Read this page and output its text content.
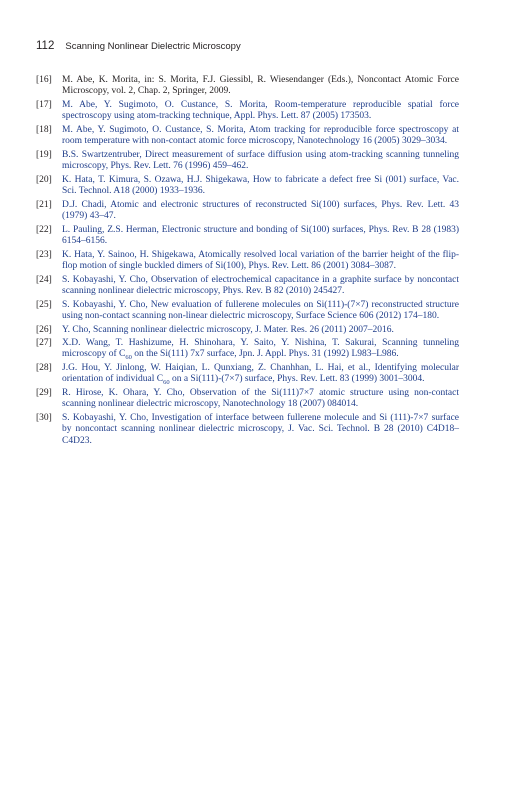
112 Scanning Nonlinear Dielectric Microscopy
[16]	M. Abe, K. Morita, in: S. Morita, F.J. Giessibl, R. Wiesendanger (Eds.), Noncontact Atomic Force Microscopy, vol. 2, Chap. 2, Springer, 2009.
[17]	M. Abe, Y. Sugimoto, O. Custance, S. Morita, Room-temperature reproducible spatial force spectroscopy using atom-tracking technique, Appl. Phys. Lett. 87 (2005) 173503.
[18]	M. Abe, Y. Sugimoto, O. Custance, S. Morita, Atom tracking for reproducible force spectroscopy at room temperature with non-contact atomic force microscopy, Nanotechnology 16 (2005) 3029–3034.
[19]	B.S. Swartzentruber, Direct measurement of surface diffusion using atom-tracking scanning tunneling microscopy, Phys. Rev. Lett. 76 (1996) 459–462.
[20]	K. Hata, T. Kimura, S. Ozawa, H.J. Shigekawa, How to fabricate a defect free Si (001) surface, Vac. Sci. Technol. A18 (2000) 1933–1936.
[21]	D.J. Chadi, Atomic and electronic structures of reconstructed Si(100) surfaces, Phys. Rev. Lett. 43 (1979) 43–47.
[22]	L. Pauling, Z.S. Herman, Electronic structure and bonding of Si(100) surfaces, Phys. Rev. B 28 (1983) 6154–6156.
[23]	K. Hata, Y. Sainoo, H. Shigekawa, Atomically resolved local variation of the barrier height of the flip-flop motion of single buckled dimers of Si(100), Phys. Rev. Lett. 86 (2001) 3084–3087.
[24]	S. Kobayashi, Y. Cho, Observation of electrochemical capacitance in a graphite surface by noncontact scanning nonlinear dielectric microscopy, Phys. Rev. B 82 (2010) 245427.
[25]	S. Kobayashi, Y. Cho, New evaluation of fullerene molecules on Si(111)-(7×7) reconstructed structure using non-contact scanning non-linear dielectric microscopy, Surface Science 606 (2012) 174–180.
[26]	Y. Cho, Scanning nonlinear dielectric microscopy, J. Mater. Res. 26 (2011) 2007–2016.
[27]	X.D. Wang, T. Hashizume, H. Shinohara, Y. Saito, Y. Nishina, T. Sakurai, Scanning tunneling microscopy of $C_{60}$ on the Si(111) 7x7 surface, Jpn. J. Appl. Phys. 31 (1992) L983–L986.
[28]	J.G. Hou, Y. Jinlong, W. Haiqian, L. Qunxiang, Z. Chanhhan, L. Hai, et al., Identifying molecular orientation of individual $C_{60}$ on a Si(111)-(7×7) surface, Phys. Rev. Lett. 83 (1999) 3001–3004.
[29]	R. Hirose, K. Ohara, Y. Cho, Observation of the Si(111)7×7 atomic structure using non-contact scanning nonlinear dielectric microscopy, Nanotechnology 18 (2007) 084014.
[30]	S. Kobayashi, Y. Cho, Investigation of interface between fullerene molecule and Si (111)-7×7 surface by noncontact scanning nonlinear dielectric microscopy, J. Vac. Sci. Technol. B 28 (2010) C4D18–C4D23.
